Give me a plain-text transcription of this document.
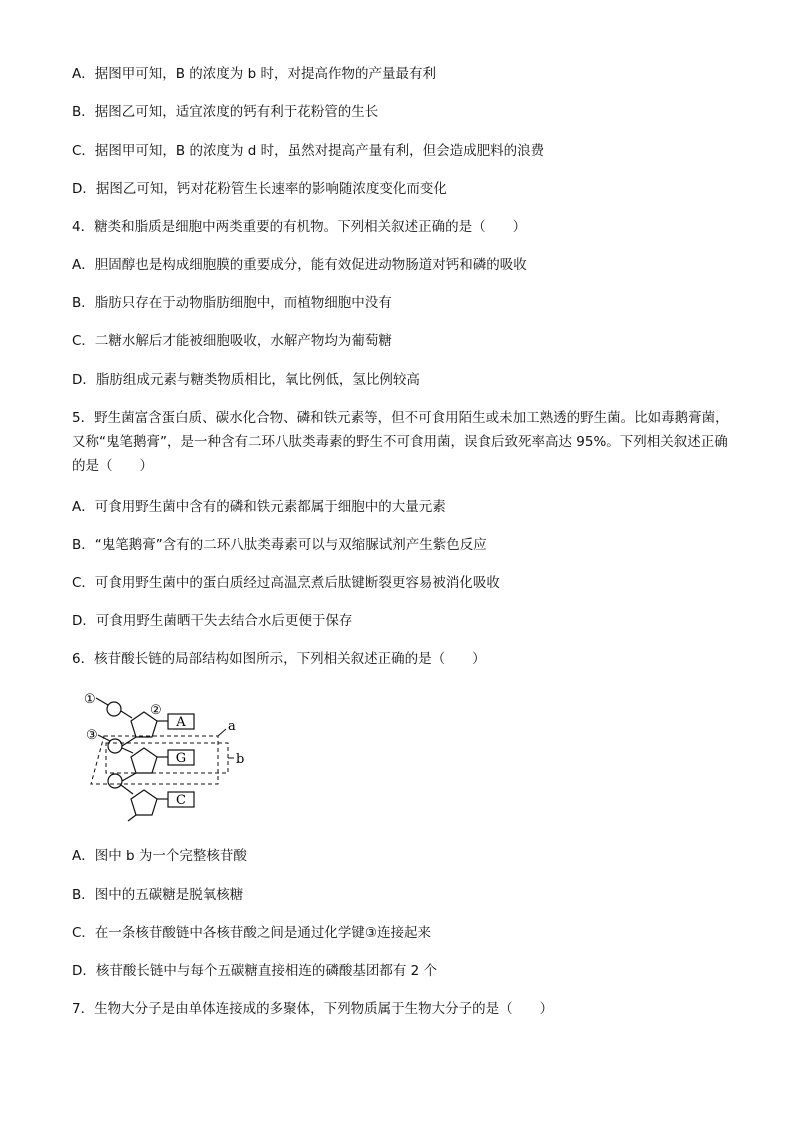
A．据图甲可知，B 的浓度为 b 时，对提高作物的产量最有利
B．据图乙可知，适宜浓度的钙有利于花粉管的生长
C．据图甲可知，B 的浓度为 d 时，虽然对提高产量有利，但会造成肥料的浪费
D．据图乙可知，钙对花粉管生长速率的影响随浓度变化而变化
4．糖类和脂质是细胞中两类重要的有机物。下列相关叙述正确的是（　　）
A．胆固醇也是构成细胞膜的重要成分，能有效促进动物肠道对钙和磷的吸收
B．脂肪只存在于动物脂肪细胞中，而植物细胞中没有
C．二糖水解后才能被细胞吸收，水解产物均为葡萄糖
D．脂肪组成元素与糖类物质相比，氧比例低，氢比例较高
5．野生菌富含蛋白质、碳水化合物、磷和铁元素等，但不可食用陌生或未加工熟透的野生菌。比如毒鹅膏菌，又称“鬼笔鹅膏”，是一种含有二环八肽类毒素的野生不可食用菌，误食后致死率高达 95%。下列相关叙述正确的是（　　）
A．可食用野生菌中含有的磷和铁元素都属于细胞中的大量元素
B．“鬼笔鹅膏”含有的二环八肽类毒素可以与双缩脲试剂产生紫色反应
C．可食用野生菌中的蛋白质经过高温烹煮后肽键断裂更容易被消化吸收
D．可食用野生菌晒干失去结合水后更便于保存
6．核苷酸长链的局部结构如图所示，下列相关叙述正确的是（　　）
①
②
③
a
b
A
G
C
A．图中 b 为一个完整核苷酸
B．图中的五碳糖是脱氧核糖
C．在一条核苷酸链中各核苷酸之间是通过化学键③连接起来
D．核苷酸长链中与每个五碳糖直接相连的磷酸基团都有 2 个
7．生物大分子是由单体连接成的多聚体，下列物质属于生物大分子的是（　　）
